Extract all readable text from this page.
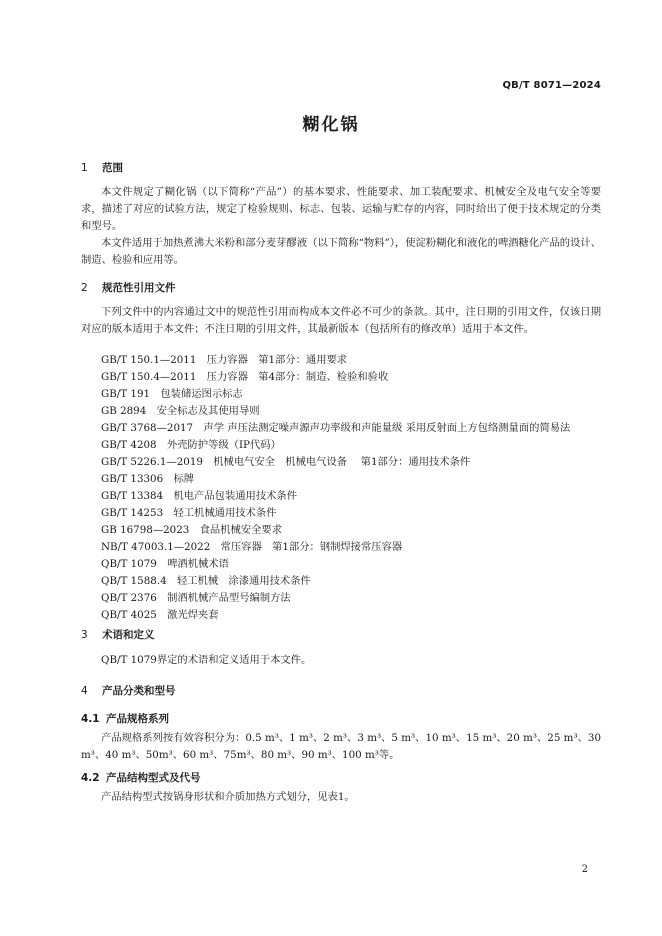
QB/T 8071—2024
糊化锅
1 范围

本文件规定了糊化锅（以下简称“产品”）的基本要求、性能要求、加工装配要求、机械安全及电气安全等要求，描述了对应的试验方法，规定了检验规则、标志、包装、运输与贮存的内容，同时给出了便于技术规定的分类和型号。

本文件适用于加热煮沸大米粉和部分麦芽醪液（以下简称“物料”），使淀粉糊化和液化的啤酒糖化产品的设计、制造、检验和应用等。

2 规范性引用文件

下列文件中的内容通过文中的规范性引用而构成本文件必不可少的条款。其中，注日期的引用文件，仅该日期对应的版本适用于本文件；不注日期的引用文件，其最新版本（包括所有的修改单）适用于本文件。

GB/T 150.1—2011　压力容器　第1部分：通用要求
GB/T 150.4—2011　压力容器　第4部分：制造、检验和验收
GB/T 191　包装储运图示标志
GB 2894　安全标志及其使用导则
GB/T 3768—2017　声学 声压法测定噪声源声功率级和声能量级 采用反射面上方包络测量面的简易法
GB/T 4208　外壳防护等级（IP代码）
GB/T 5226.1—2019　机械电气安全　机械电气设备　 第1部分：通用技术条件
GB/T 13306　标牌
GB/T 13384　机电产品包装通用技术条件
GB/T 14253　轻工机械通用技术条件
GB 16798—2023　食品机械安全要求
NB/T 47003.1—2022　常压容器　第1部分：钢制焊接常压容器
QB/T 1079　啤酒机械术语
QB/T 1588.4　轻工机械　涂漆通用技术条件
QB/T 2376　制酒机械产品型号编制方法
QB/T 4025　激光焊夹套
3 术语和定义

QB/T 1079界定的术语和定义适用于本文件。

4 产品分类和型号
4.1 产品规格系列

产品规格系列按有效容积分为：0.5 m³、1 m³、2 m³、3 m³、5 m³、10 m³、15 m³、20 m³、25 m³、30 m³、40 m³、50m³、60 m³、75m³、80 m³、90 m³、100 m³等。

4.2 产品结构型式及代号

产品结构型式按锅身形状和介质加热方式划分，见表1。

2
